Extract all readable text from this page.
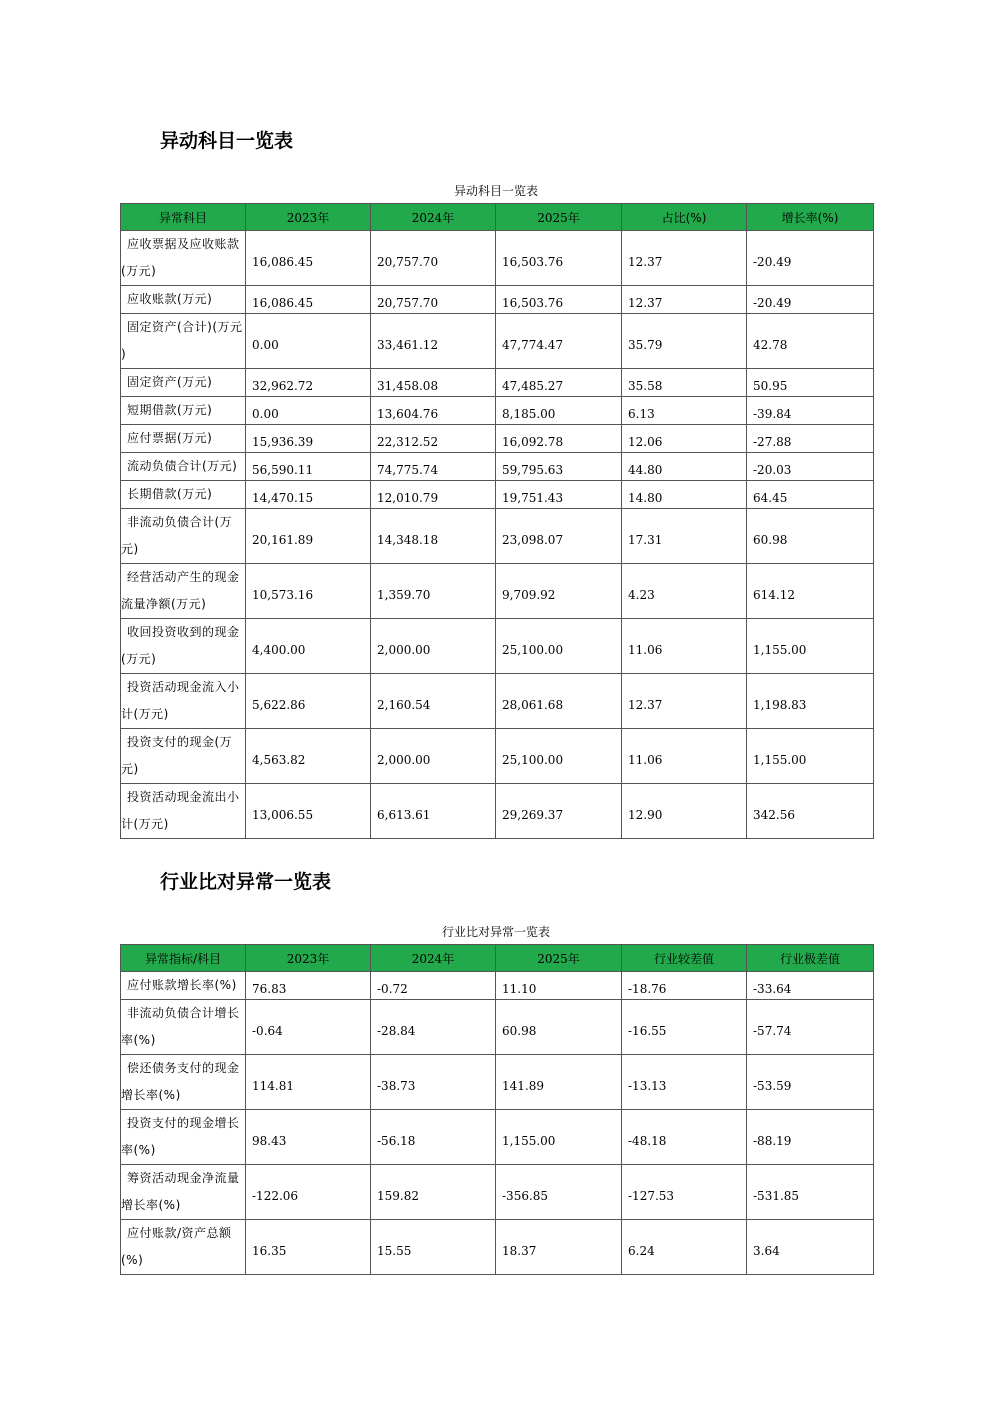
异动科目一览表
异动科目一览表
异常科目	2023年	2024年	2025年	占比(%)	增长率(%)

应收票据及应收账款
(万元)	16,086.45	20,757.70	16,503.76	12.37	-20.49

应收账款(万元)	16,086.45	20,757.70	16,503.76	12.37	-20.49

固定资产(合计)(万元
)	0.00	33,461.12	47,774.47	35.79	42.78

固定资产(万元)	32,962.72	31,458.08	47,485.27	35.58	50.95

短期借款(万元)	0.00	13,604.76	8,185.00	6.13	-39.84

应付票据(万元)	15,936.39	22,312.52	16,092.78	12.06	-27.88

流动负债合计(万元)	56,590.11	74,775.74	59,795.63	44.80	-20.03

长期借款(万元)	14,470.15	12,010.79	19,751.43	14.80	64.45

非流动负债合计(万
元)	20,161.89	14,348.18	23,098.07	17.31	60.98

经营活动产生的现金
流量净额(万元)	10,573.16	1,359.70	9,709.92	4.23	614.12

收回投资收到的现金
(万元)	4,400.00	2,000.00	25,100.00	11.06	1,155.00

投资活动现金流入小
计(万元)	5,622.86	2,160.54	28,061.68	12.37	1,198.83

投资支付的现金(万
元)	4,563.82	2,000.00	25,100.00	11.06	1,155.00

投资活动现金流出小
计(万元)	13,006.55	6,613.61	29,269.37	12.90	342.56
行业比对异常一览表
行业比对异常一览表
异常指标/科目	2023年	2024年	2025年	行业较差值	行业极差值

应付账款增长率(%)	76.83	-0.72	11.10	-18.76	-33.64

非流动负债合计增长
率(%)	-0.64	-28.84	60.98	-16.55	-57.74

偿还债务支付的现金
增长率(%)	114.81	-38.73	141.89	-13.13	-53.59

投资支付的现金增长
率(%)	98.43	-56.18	1,155.00	-48.18	-88.19

筹资活动现金净流量
增长率(%)	-122.06	159.82	-356.85	-127.53	-531.85

应付账款/资产总额
(%)	16.35	15.55	18.37	6.24	3.64
